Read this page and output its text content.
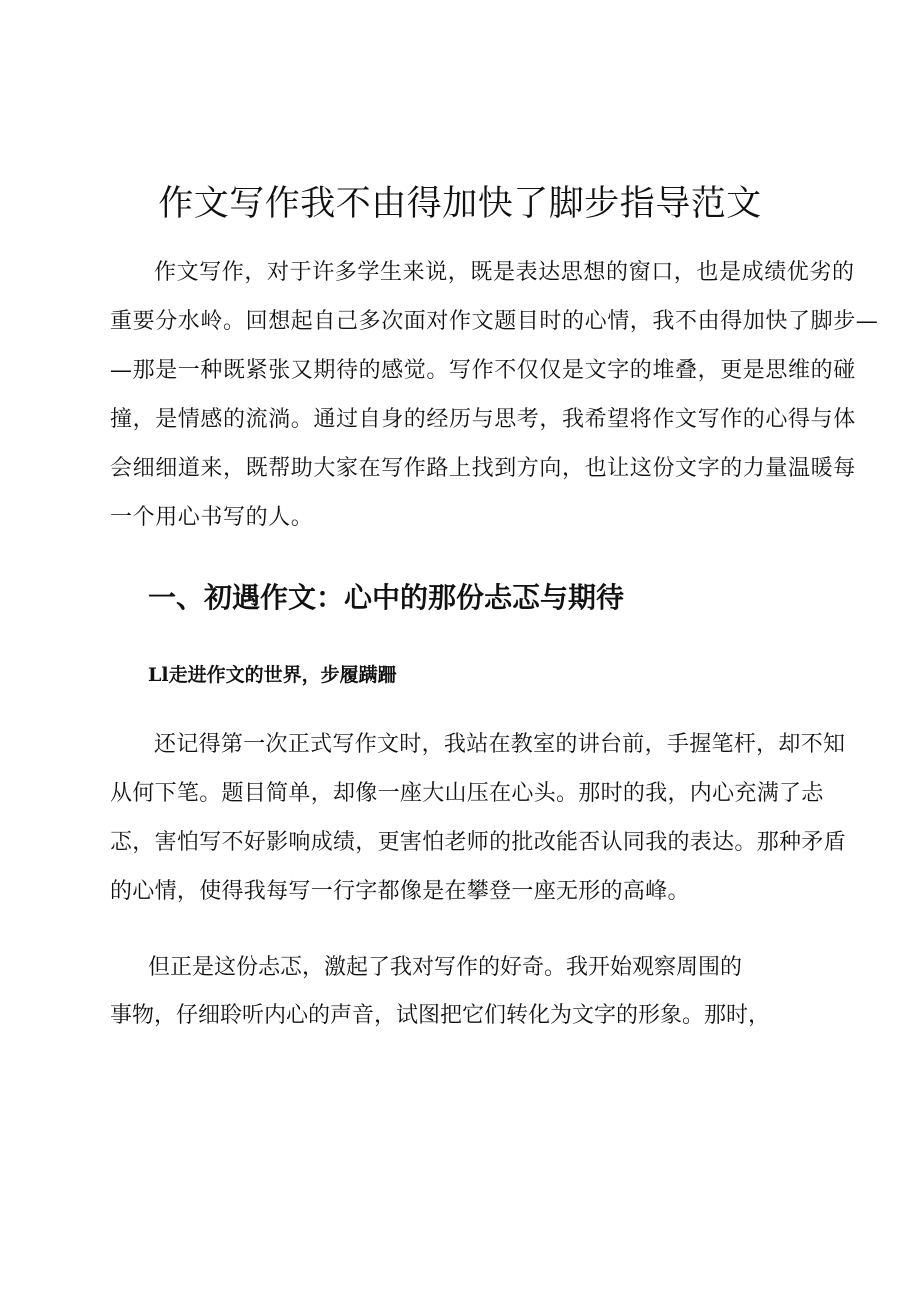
作文写作我不由得加快了脚步指导范文
作文写作，对于许多学生来说，既是表达思想的窗口，也是成绩优劣的
重要分水岭。回想起自己多次面对作文题目时的心情，我不由得加快了脚步—
—那是一种既紧张又期待的感觉。写作不仅仅是文字的堆叠，更是思维的碰
撞，是情感的流淌。通过自身的经历与思考，我希望将作文写作的心得与体
会细细道来，既帮助大家在写作路上找到方向，也让这份文字的力量温暖每
一个用心书写的人。
一、初遇作文：心中的那份忐忑与期待
Ll走进作文的世界，步履蹒跚
还记得第一次正式写作文时，我站在教室的讲台前，手握笔杆，却不知
从何下笔。题目简单，却像一座大山压在心头。那时的我，内心充满了忐
忑，害怕写不好影响成绩，更害怕老师的批改能否认同我的表达。那种矛盾
的心情，使得我每写一行字都像是在攀登一座无形的高峰。
但正是这份忐忑，激起了我对写作的好奇。我开始观察周围的
事物，仔细聆听内心的声音，试图把它们转化为文字的形象。那时，
